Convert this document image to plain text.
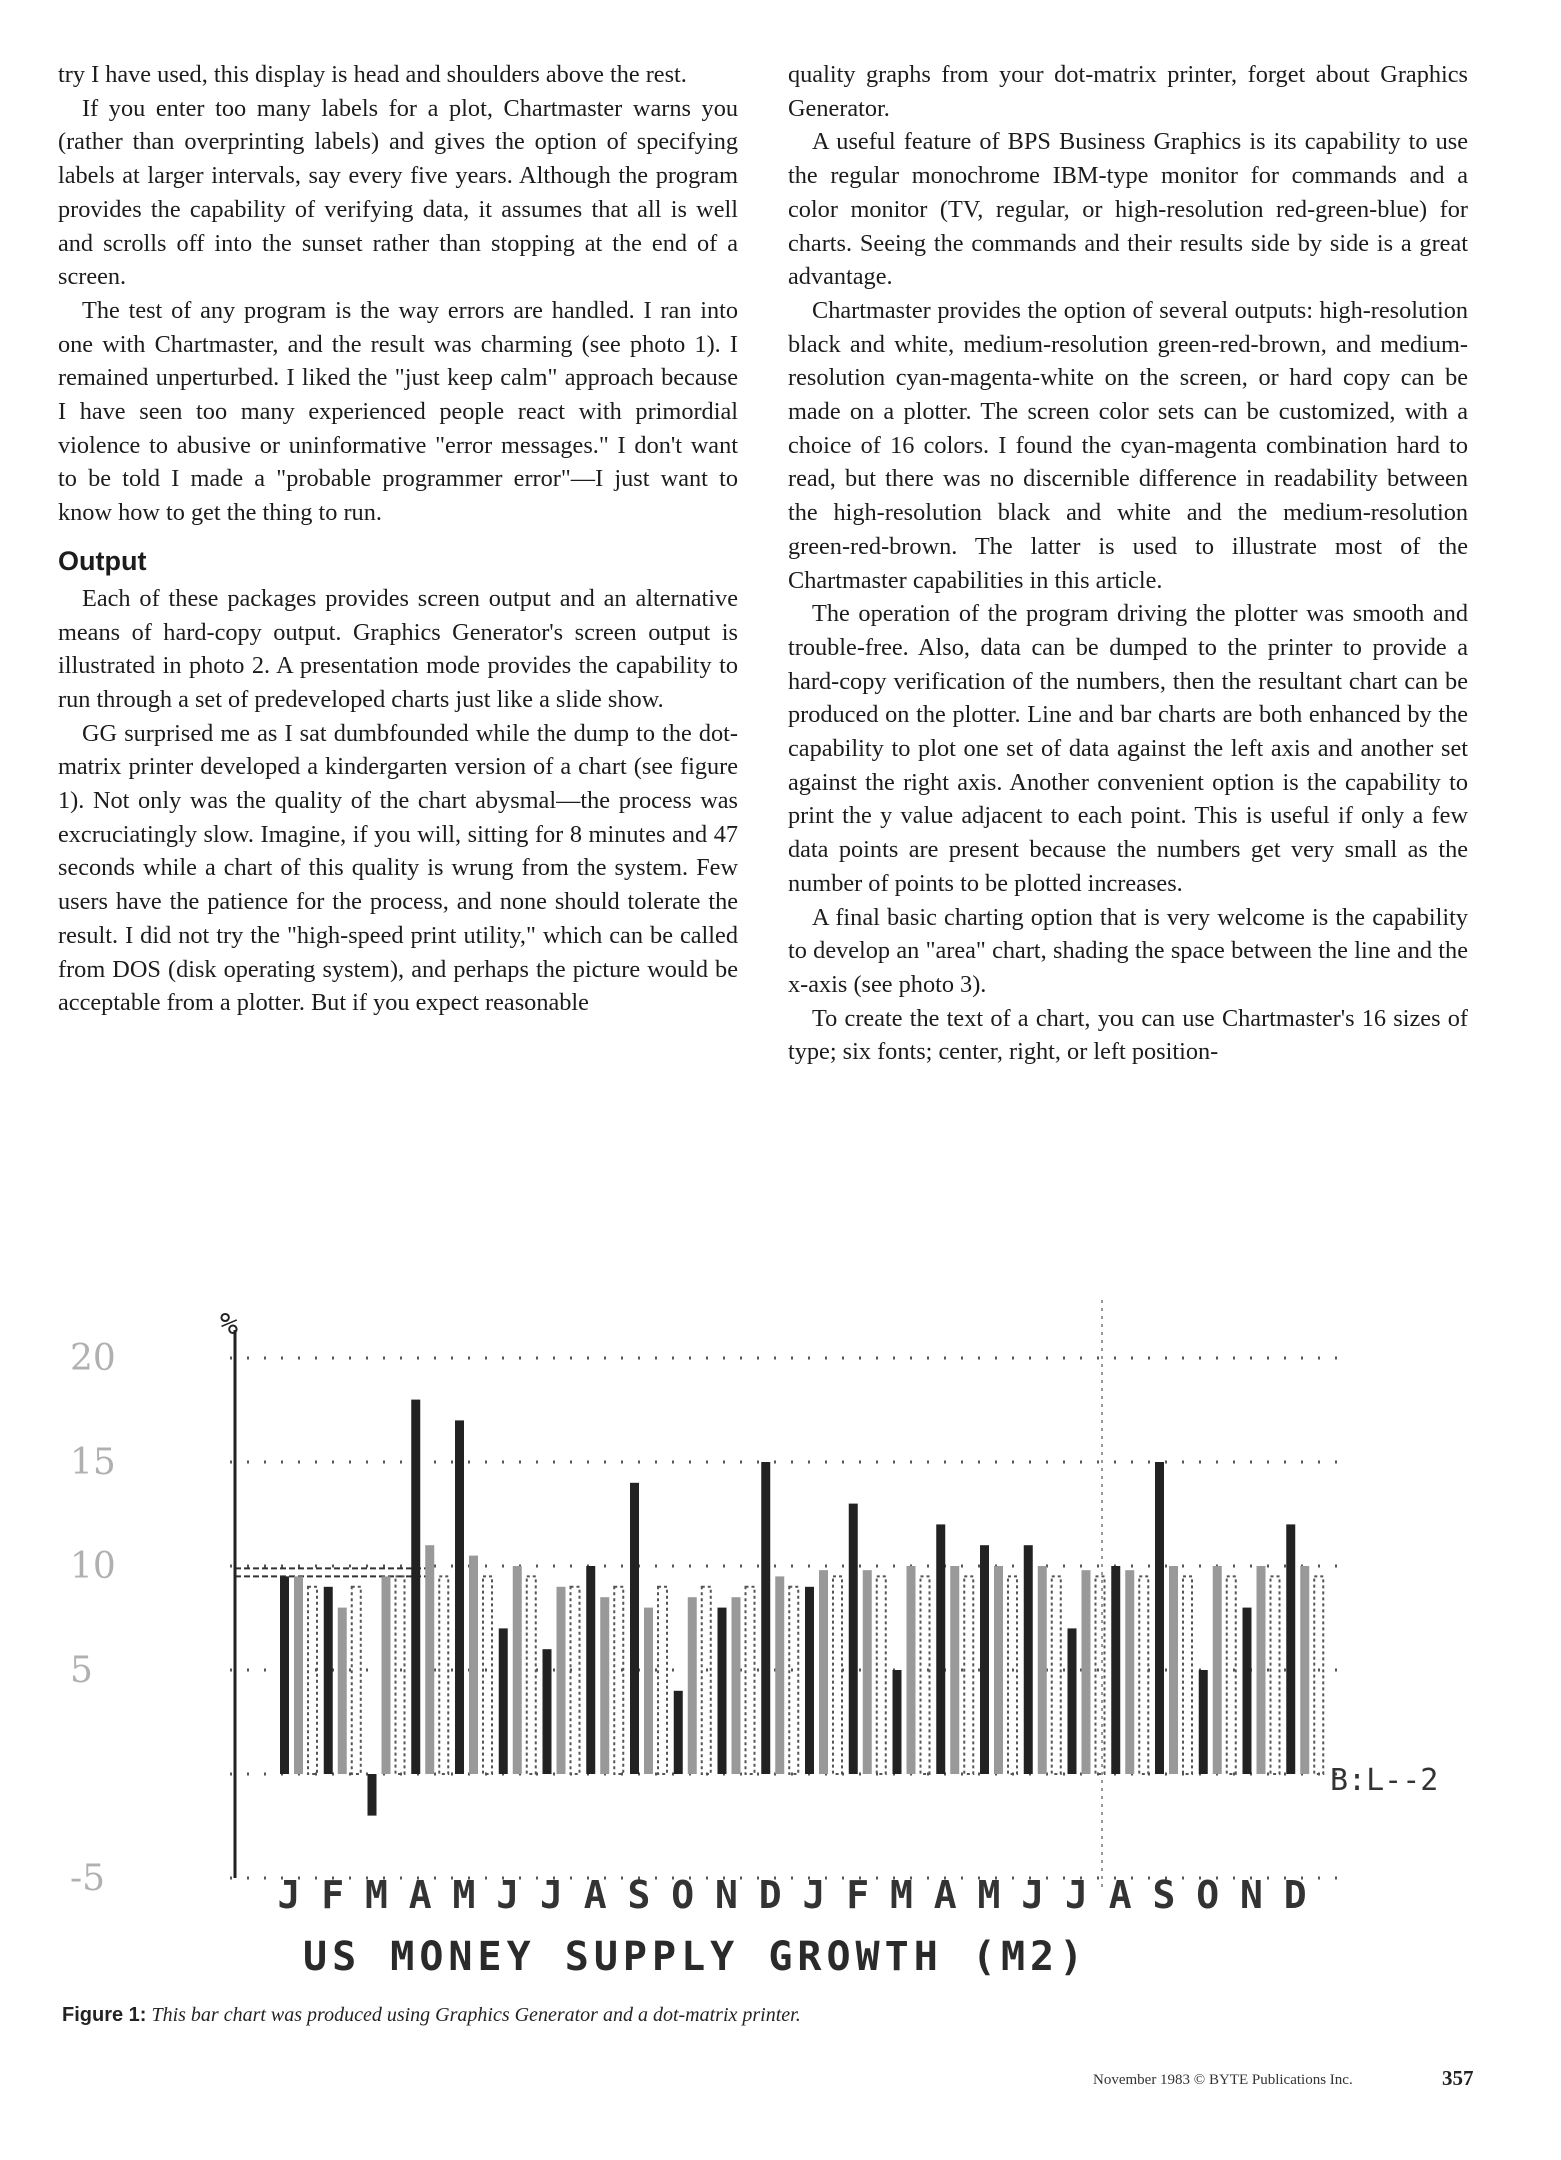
try I have used, this display is head and shoulders above the rest.

If you enter too many labels for a plot, Chartmaster warns you (rather than overprinting labels) and gives the option of specifying labels at larger intervals, say every five years. Although the program provides the capability of verifying data, it assumes that all is well and scrolls off into the sunset rather than stopping at the end of a screen.

The test of any program is the way errors are handled. I ran into one with Chartmaster, and the result was charming (see photo 1). I remained unperturbed. I liked the "just keep calm" approach because I have seen too many experienced people react with primordial violence to abusive or uninformative "error messages." I don't want to be told I made a "probable programmer error"—I just want to know how to get the thing to run.

Output

Each of these packages provides screen output and an alternative means of hard-copy output. Graphics Generator's screen output is illustrated in photo 2. A presentation mode provides the capability to run through a set of predeveloped charts just like a slide show.

GG surprised me as I sat dumbfounded while the dump to the dot-matrix printer developed a kindergarten version of a chart (see figure 1). Not only was the quality of the chart abysmal—the process was excruciatingly slow. Imagine, if you will, sitting for 8 minutes and 47 seconds while a chart of this quality is wrung from the system. Few users have the patience for the process, and none should tolerate the result. I did not try the "high-speed print utility," which can be called from DOS (disk operating system), and perhaps the picture would be acceptable from a plotter. But if you expect reasonable

quality graphs from your dot-matrix printer, forget about Graphics Generator.

A useful feature of BPS Business Graphics is its capability to use the regular monochrome IBM-type monitor for commands and a color monitor (TV, regular, or high-resolution red-green-blue) for charts. Seeing the commands and their results side by side is a great advantage.

Chartmaster provides the option of several outputs: high-resolution black and white, medium-resolution green-red-brown, and medium-resolution cyan-magenta-white on the screen, or hard copy can be made on a plotter. The screen color sets can be customized, with a choice of 16 colors. I found the cyan-magenta combination hard to read, but there was no discernible difference in readability between the high-resolution black and white and the medium-resolution green-red-brown. The latter is used to illustrate most of the Chartmaster capabilities in this article.

The operation of the program driving the plotter was smooth and trouble-free. Also, data can be dumped to the printer to provide a hard-copy verification of the numbers, then the resultant chart can be produced on the plotter. Line and bar charts are both enhanced by the capability to plot one set of data against the left axis and another set against the right axis. Another convenient option is the capability to print the y value adjacent to each point. This is useful if only a few data points are present because the numbers get very small as the number of points to be plotted increases.

A final basic charting option that is very welcome is the capability to develop an "area" chart, shading the space between the line and the x-axis (see photo 3).

To create the text of a chart, you can use Chartmaster's 16 sizes of type; six fonts; center, right, or left position-

20
15
10
5
-5	J F M A M J J A S O N D J F M A M J J A S O N D
%
B:L--2
US MONEY SUPPLY GROWTH (M2)
Figure 1: This bar chart was produced using Graphics Generator and a dot-matrix printer.
November 1983 © BYTE Publications Inc.	357
